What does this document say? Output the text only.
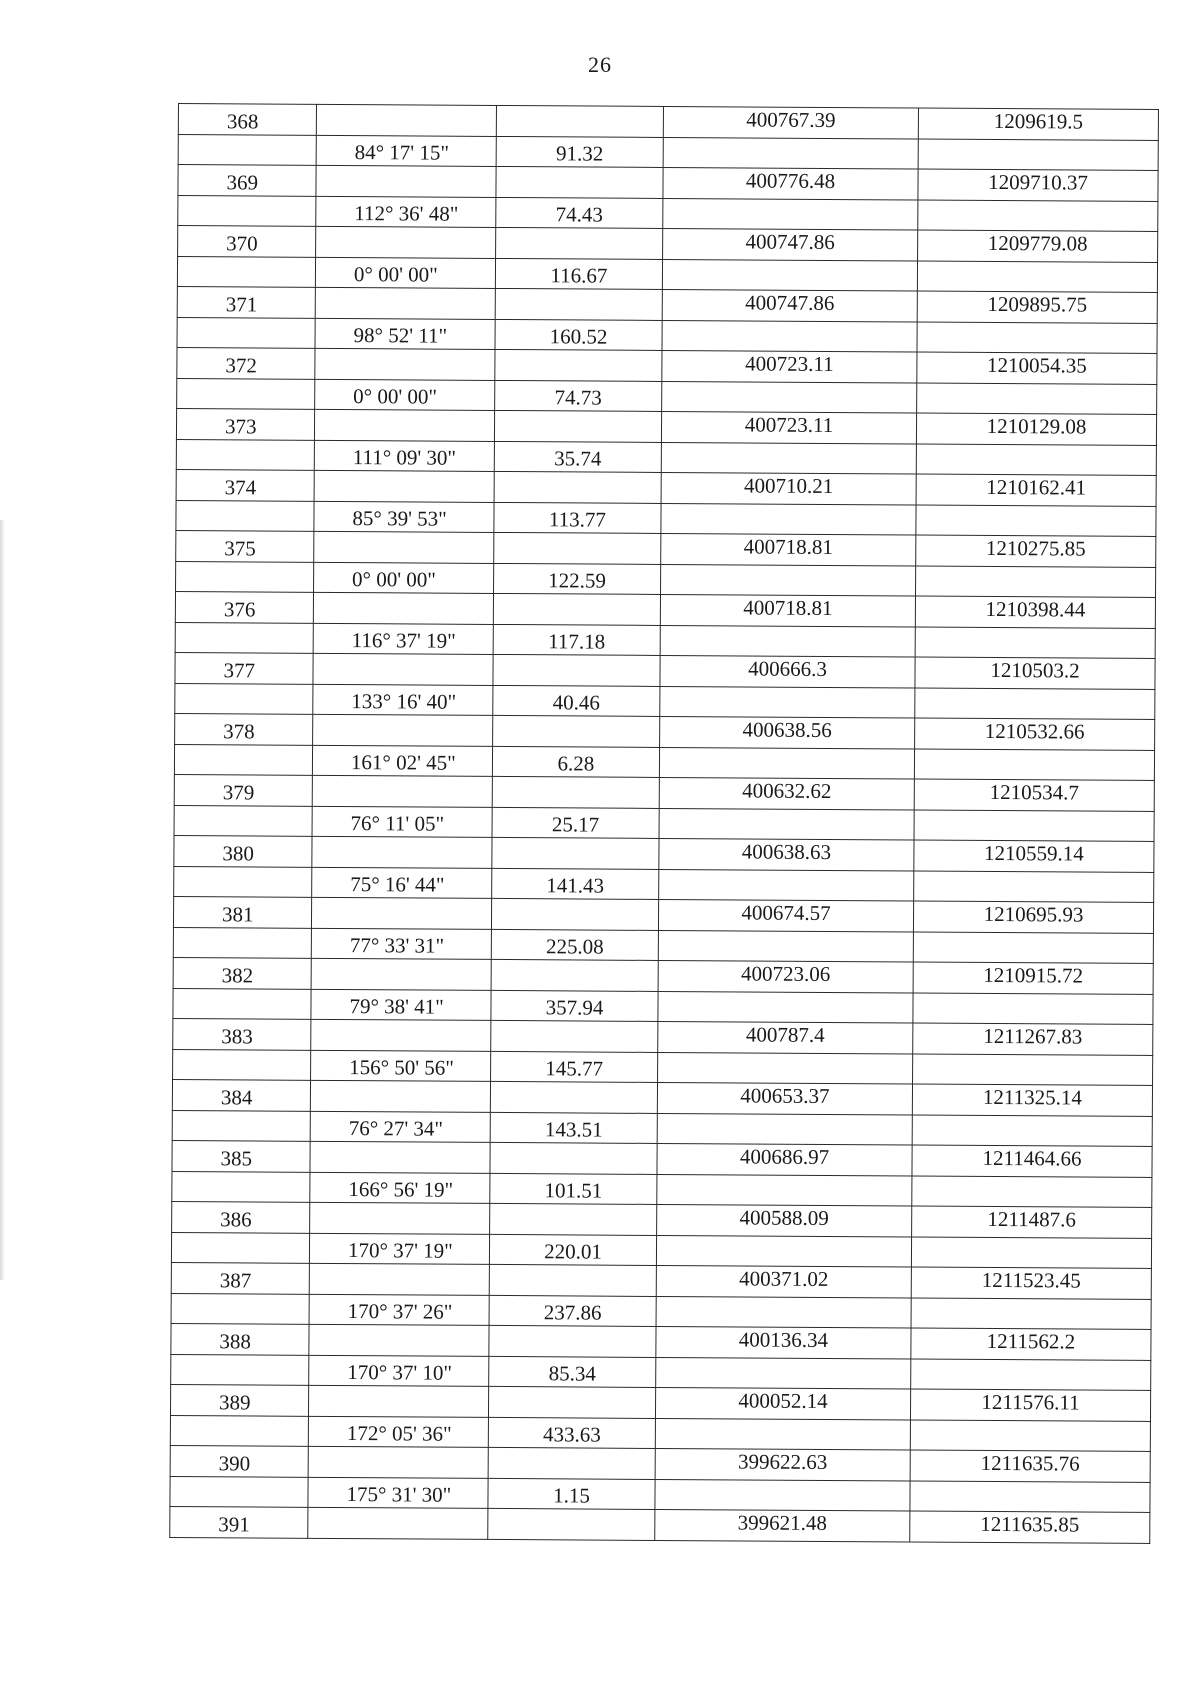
26
368			400767.39	1209619.5
	84° 17' 15"	91.32		
369			400776.48	1209710.37
	112° 36' 48"	74.43		
370			400747.86	1209779.08
	0° 00' 00"	116.67		
371			400747.86	1209895.75
	98° 52' 11"	160.52		
372			400723.11	1210054.35
	0° 00' 00"	74.73		
373			400723.11	1210129.08
	111° 09' 30"	35.74		
374			400710.21	1210162.41
	85° 39' 53"	113.77		
375			400718.81	1210275.85
	0° 00' 00"	122.59		
376			400718.81	1210398.44
	116° 37' 19"	117.18		
377			400666.3	1210503.2
	133° 16' 40"	40.46		
378			400638.56	1210532.66
	161° 02' 45"	6.28		
379			400632.62	1210534.7
	76° 11' 05"	25.17		
380			400638.63	1210559.14
	75° 16' 44"	141.43		
381			400674.57	1210695.93
	77° 33' 31"	225.08		
382			400723.06	1210915.72
	79° 38' 41"	357.94		
383			400787.4	1211267.83
	156° 50' 56"	145.77		
384			400653.37	1211325.14
	76° 27' 34"	143.51		
385			400686.97	1211464.66
	166° 56' 19"	101.51		
386			400588.09	1211487.6
	170° 37' 19"	220.01		
387			400371.02	1211523.45
	170° 37' 26"	237.86		
388			400136.34	1211562.2
	170° 37' 10"	85.34		
389			400052.14	1211576.11
	172° 05' 36"	433.63		
390			399622.63	1211635.76
	175° 31' 30"	1.15		
391			399621.48	1211635.85
